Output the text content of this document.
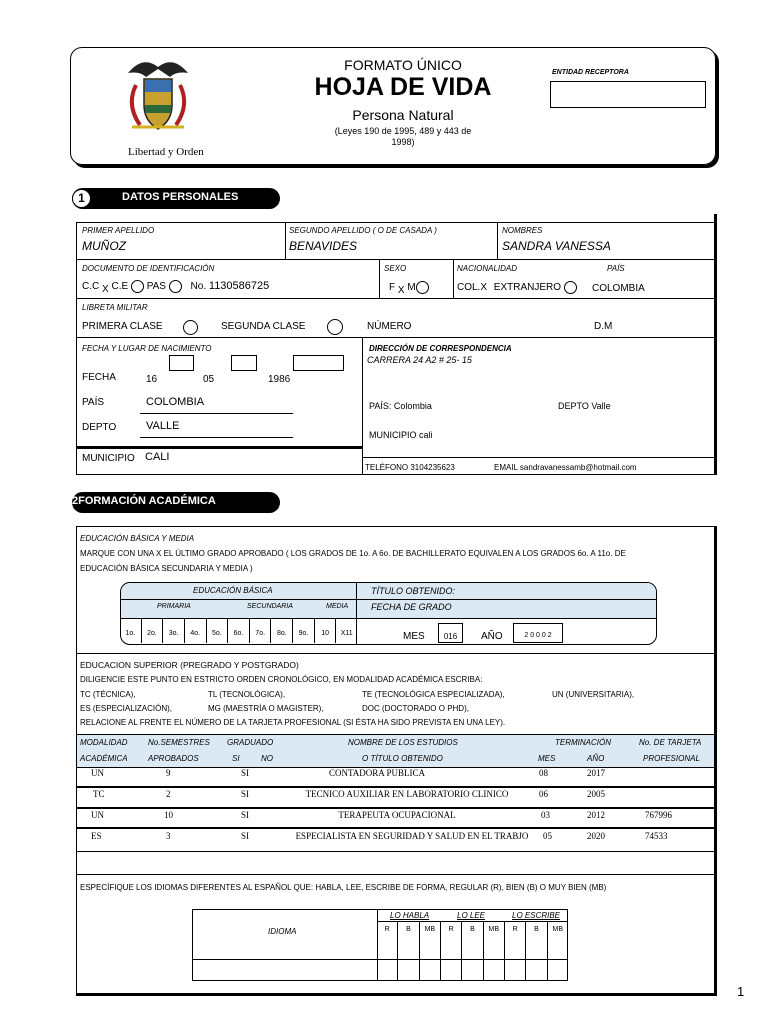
Libertad y Orden
FORMATO ÚNICO
HOJA DE VIDA
Persona Natural
(Leyes 190 de 1995, 489 y 443 de
1998)
ENTIDAD RECEPTORA
1	DATOS PERSONALES
PRIMER APELLIDO
MUÑOZ
SEGUNDO APELLIDO ( O DE CASADA )
BENAVIDES
NOMBRES
SANDRA VANESSA
DOCUMENTO DE IDENTIFICACIÓN
C.C X C.E PAS No. 1130586725
SEXO
F X M
NACIONALIDAD
COL.X EXTRANJERO
PAÍS
COLOMBIA
LIBRETA MILITAR
PRIMERA CLASE	SEGUNDA CLASE	NÚMERO	D.M
FECHA Y LUGAR DE NACIMIENTO
FECHA	16	05	1986
PAÍS	COLOMBIA
DEPTO	VALLE
MUNICIPIO CALI
DIRECCIÓN DE CORRESPONDENCIA
CARRERA 24 A2 # 25- 15
PAÍS: Colombia	DEPTO Valle
MUNICIPIO cali
TELÉFONO 3104235623	EMAIL sandravanessamb@hotmail.com
2FORMACIÓN ACADÉMICA
EDUCACIÓN BÁSICA Y MEDIA
MARQUE CON UNA X EL ÚLTIMO GRADO APROBADO ( LOS GRADOS DE 1o. A 6o. DE BACHILLERATO EQUIVALEN A LOS GRADOS 6o. A 11o. DE
EDUCACIÓN BÁSICA SECUNDARIA Y MEDIA )
EDUCACIÓN BÁSICA	TÍTULO OBTENIDO:
PRIMARIA	SECUNDARIA	MEDIA	FECHA DE GRADO
1o.	2o.	3o.	4o.	5o.	6o.	7o.	8o.	9o.	10	X11	MES	016	AÑO	2 0 0 0 2
EDUCACION SUPERIOR (PREGRADO Y POSTGRADO)
DILIGENCIE ESTE PUNTO EN ESTRICTO ORDEN CRONOLÓGICO, EN MODALIDAD ACADÉMICA ESCRIBA:
TC (TÉCNICA),	TL (TECNOLÓGICA),	TE (TECNOLÓGICA ESPECIALIZADA),	UN (UNIVERSITARIA),
ES (ESPECIALIZACIÓN),	MG (MAESTRÍA O MAGISTER),	DOC (DOCTORADO O PHD),
RELACIONE AL FRENTE EL NÚMERO DE LA TARJETA PROFESIONAL (SI ÉSTA HA SIDO PREVISTA EN UNA LEY).
MODALIDAD
ACADÉMICA
No.SEMESTRES
APROBADOS
GRADUADO
SI	NO
NOMBRE DE LOS ESTUDIOS
O TÍTULO OBTENIDO
TERMINACIÓN
MES	AÑO
No. DE TARJETA
PROFESIONAL
UN	9	SI	CONTADORA PUBLICA	08	2017
TC	2	SI	TECNICO AUXILIAR EN LABORATORIO CLINICO	06	2005
UN	10	SI	TERAPEUTA OCUPACIONAL	03	2012	767996
ES	3	SI	ESPECIALISTA EN SEGURIDAD Y SALUD EN EL TRABJO	05	2020	74533
ESPECÍFIQUE LOS IDIOMAS DIFERENTES AL ESPAÑOL QUE: HABLA, LEE, ESCRIBE DE FORMA, REGULAR (R), BIEN (B) O MUY BIEN (MB)
IDIOMA
LO HABLA	LO LEE	LO ESCRIBE
R	B	MB	R	B	MB	R	B	MB
1
